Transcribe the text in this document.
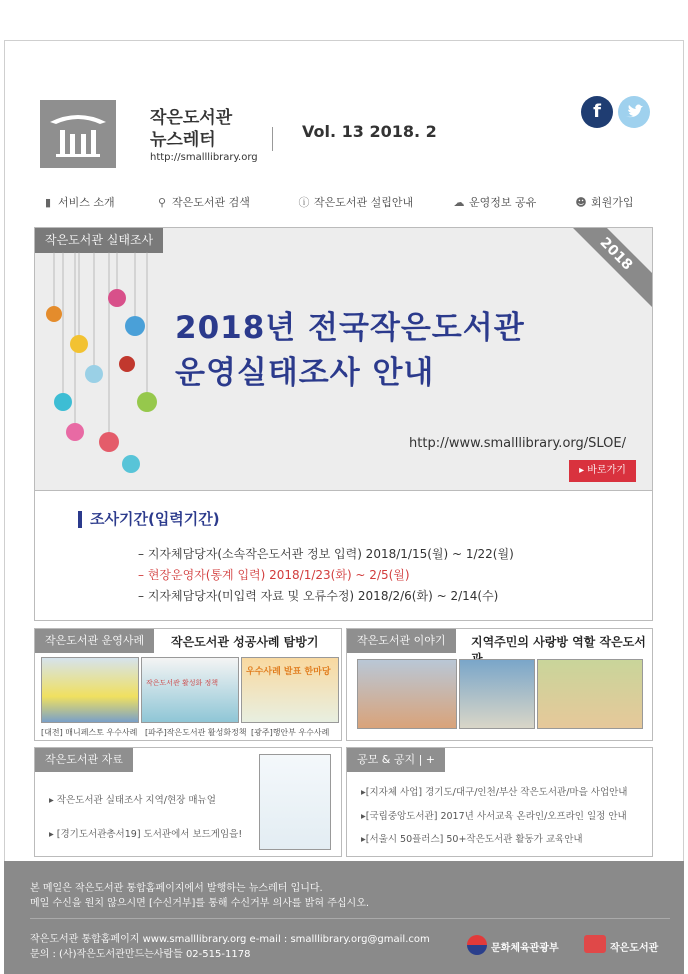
작은도서관
뉴스레터
http://smalllibrary.org
Vol. 13 2018. 2
f
▮ 서비스 소개	⚲ 작은도서관 검색	ⓘ 작은도서관 설립안내	☁ 운영정보 공유	☻ 회원가입
작은도서관 실태조사	2018
2018년 전국작은도서관
운영실태조사 안내
http://www.smalllibrary.org/SLOE/
▸ 바로가기
조사기간(입력기간)
– 지자체담당자(소속작은도서관 정보 입력) 2018/1/15(월) ~ 1/22(월)
– 현장운영자(통계 입력) 2018/1/23(화) ~ 2/5(월)
– 지자체담당자(미입력 자료 및 오류수정) 2018/2/6(화) ~ 2/14(수)
작은도서관 운영사례	작은도서관 성공사례 탐방기
작은도서관 활성화 정책
우수사례 발표 한마당
[대전] 매니페스토 우수사례 [파주]작은도서관 활성화정책 [광주]행안부 우수사례
작은도서관 이야기	지역주민의 사랑방 역할 작은도서
작은도서관 자료
▸ 작은도서관 실태조사 지역/현장 매뉴얼
▸ [경기도서관총서19] 도서관에서 보드게임을!
공모 & 공지 | +
▸[지자체 사업] 경기도/대구/인천/부산 작은도서관/마을 사업안내
▸[국립중앙도서관] 2017년 사서교육 온라인/오프라인 일정 안내
▸[서울시 50플러스] 50+작은도서관 활동가 교육안내
본 메일은 작은도서관 통합홈페이지에서 발행하는 뉴스레터 입니다.
메일 수신을 원치 않으시면 [수신거부]를 통해 수신거부 의사를 밝혀 주십시오.
작은도서관 통합홈페이지 www.smalllibrary.org e-mail : smalllibrary.org@gmail.com
문의 : (사)작은도서관만드는사람들 02-515-1178
문화체육관광부	작은도서관
